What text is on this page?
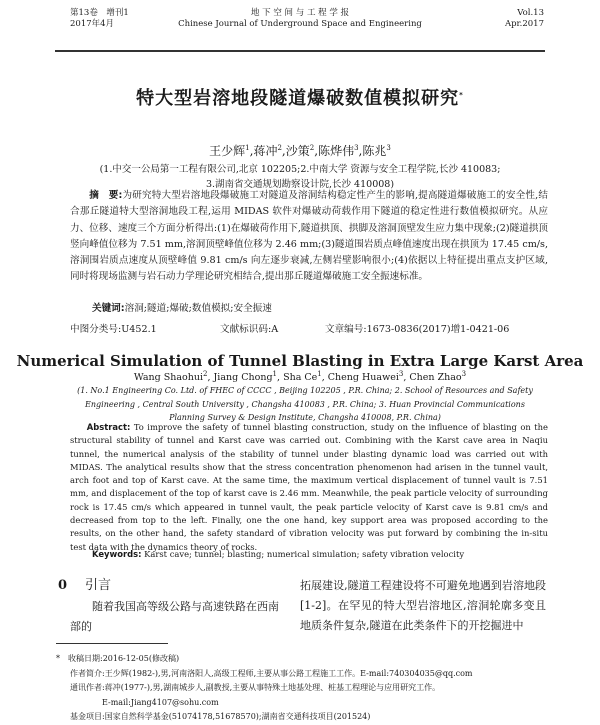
第13卷　增刊1
2017年4月
地 下 空 间 与 工 程 学 报
Chinese Journal of Underground Space and Engineering
Vol.13
Apr.2017
特大型岩溶地段隧道爆破数值模拟研究*
王少辉$^1$,蒋冲$^2$,沙策$^2$,陈烨伟$^3$,陈兆$^3$
(1.中交一公局第一工程有限公司,北京 102205;2.中南大学 资源与安全工程学院,长沙 410083;
3.湖南省交通规划勘察设计院,长沙 410008)
摘　要:为研究特大型岩溶地段爆破施工对隧道及溶洞结构稳定性产生的影响,提高隧道爆破施工的安全性,结合那丘隧道特大型溶洞地段工程,运用 MIDAS 软件对爆破动荷载作用下隧道的稳定性进行数值模拟研究。从应力、位移、速度三个方面分析得出:(1)在爆破荷作用下,隧道拱顶、拱脚及溶洞顶壁发生应力集中现象;(2)隧道拱顶竖向峰值位移为 7.51 mm,溶洞顶壁峰值位移为 2.46 mm;(3)隧道围岩质点峰值速度出现在拱顶为 17.45 cm/s,溶洞围岩质点速度从顶壁峰值 9.81 cm/s 向左逐步衰减,左侧岩壁影响很小;(4)依据以上特征提出重点支护区域,同时将现场监测与岩石动力学理论研究相结合,提出那丘隧道爆破施工安全振速标准。
关键词:溶洞;隧道;爆破;数值模拟;安全振速
中图分类号:U452.1	文献标识码:A	文章编号:1673-0836(2017)增1-0421-06
Numerical Simulation of Tunnel Blasting in Extra Large Karst Area
Wang Shaohui$^2$, Jiang Chong$^1$, Sha Ce$^1$, Cheng Huawei$^3$, Chen Zhao$^3$
(1. No.1 Engineering Co. Ltd. of FHEC of CCCC , Beijing 102205 , P.R. China; 2. School of Resources and Safety Engineering , Central South University , Changsha 410083 , P.R. China; 3. Huan Provincial Communications Planning Survey & Design Institute, Changsha 410008, P.R. China)
Abstract: To improve the safety of tunnel blasting construction, study on the influence of blasting on the structural stability of tunnel and Karst cave was carried out. Combining with the Karst cave area in Naqiu tunnel, the numerical analysis of the stability of tunnel under blasting dynamic load was carried out with MIDAS. The analytical results show that the stress concentration phenomenon had arisen in the tunnel vault, arch foot and top of Karst cave. At the same time, the maximum vertical displacement of tunnel vault is 7.51 mm, and displacement of the top of karst cave is 2.46 mm. Meanwhile, the peak particle velocity of surrounding rock is 17.45 cm/s which appeared in tunnel vault, the peak particle velocity of Karst cave is 9.81 cm/s and decreased from top to the left. Finally, one the one hand, key support area was proposed according to the results, on the other hand, the safety standard of vibration velocity was put forward by combining the in-situ test data with the dynamics theory of rocks.
Keywords: Karst cave; tunnel; blasting; numerical simulation; safety vibration velocity
0 引言
随着我国高等级公路与高速铁路在西南部的
拓展建设,隧道工程建设将不可避免地遇到岩溶地段[1-2]。在罕见的特大型岩溶地区,溶洞轮廓多变且地质条件复杂,隧道在此类条件下的开挖掘进中
* 收稿日期:2016-12-05(修改稿)
作者简介:王少辉(1982-),男,河南洛阳人,高级工程师,主要从事公路工程施工工作。E-mail:740304035@qq.com
通讯作者:蒋冲(1977-),男,湖南城步人,副教授,主要从事特殊土地基处理、桩基工程理论与应用研究工作。
E-mail:Jiang4107@sohu.com
基金项目:国家自然科学基金(51074178,51678570);湖南省交通科技项目(201524)
